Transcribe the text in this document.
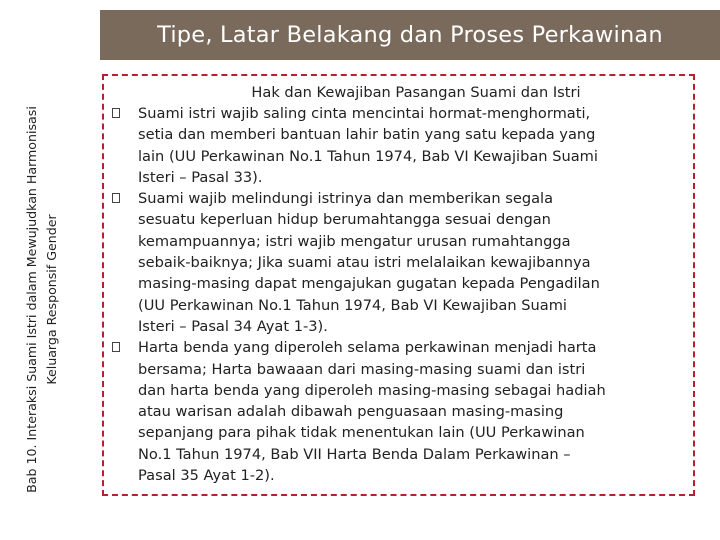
Tipe, Latar Belakang dan Proses Perkawinan
Bab 10. Interaksi Suami Istri dalam Mewujudkan Harmonisasi Keluarga Responsif Gender
Hak dan Kewajiban Pasangan Suami dan Istri
Suami istri wajib saling cinta mencintai hormat-menghormati,
setia dan memberi bantuan lahir batin yang satu kepada yang
lain (UU Perkawinan No.1 Tahun 1974, Bab VI Kewajiban Suami
Isteri – Pasal 33).
Suami wajib melindungi istrinya dan memberikan segala
sesuatu keperluan hidup berumahtangga sesuai dengan
kemampuannya; istri wajib mengatur urusan rumahtangga
sebaik-baiknya; Jika suami atau istri melalaikan kewajibannya
masing-masing dapat mengajukan gugatan kepada Pengadilan
(UU Perkawinan No.1 Tahun 1974, Bab VI Kewajiban Suami
Isteri – Pasal 34 Ayat 1-3).
Harta benda yang diperoleh selama perkawinan menjadi harta
bersama; Harta bawaaan dari masing-masing suami dan istri
dan harta benda yang diperoleh masing-masing sebagai hadiah
atau warisan adalah dibawah penguasaan masing-masing
sepanjang para pihak tidak menentukan lain (UU Perkawinan
No.1 Tahun 1974, Bab VII Harta Benda Dalam Perkawinan –
Pasal 35 Ayat 1-2).
